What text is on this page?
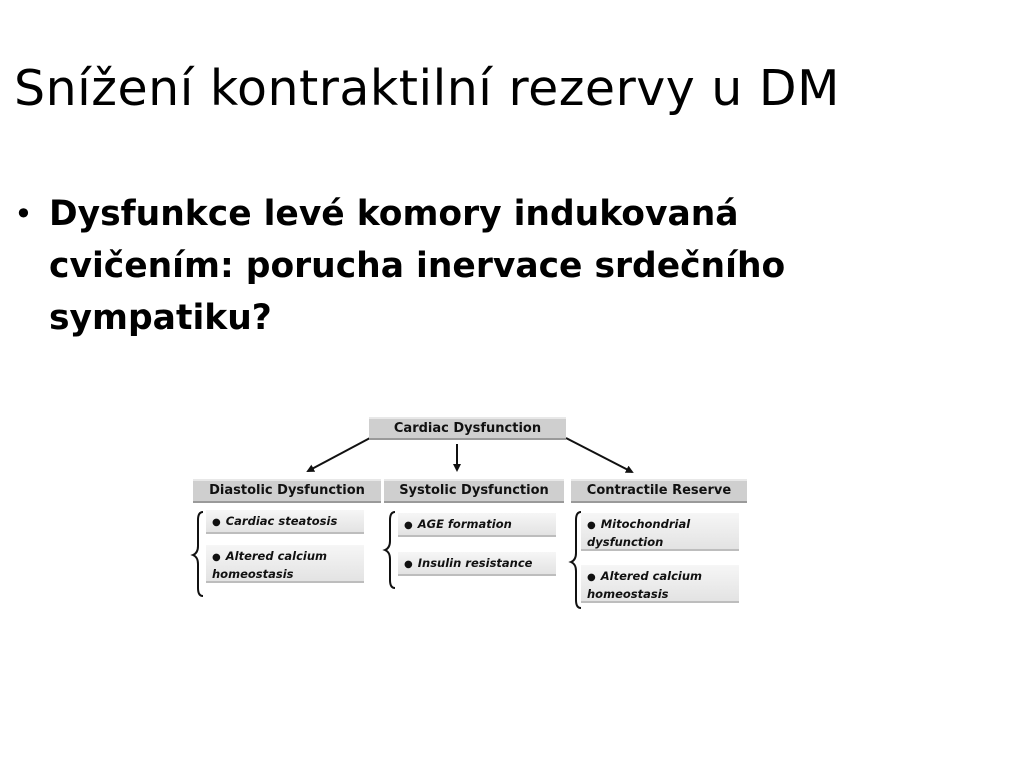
Snížení kontraktilní rezervy u DM
• Dysfunkce levé komory indukovaná
cvičením: porucha inervace srdečního
sympatiku?
Cardiac Dysfunction
Diastolic Dysfunction	Systolic Dysfunction	Contractile Reserve
● Cardiac steatosis
● Altered calcium homeostasis
● AGE formation
● Insulin resistance
● Mitochondrial dysfunction
● Altered calcium homeostasis
